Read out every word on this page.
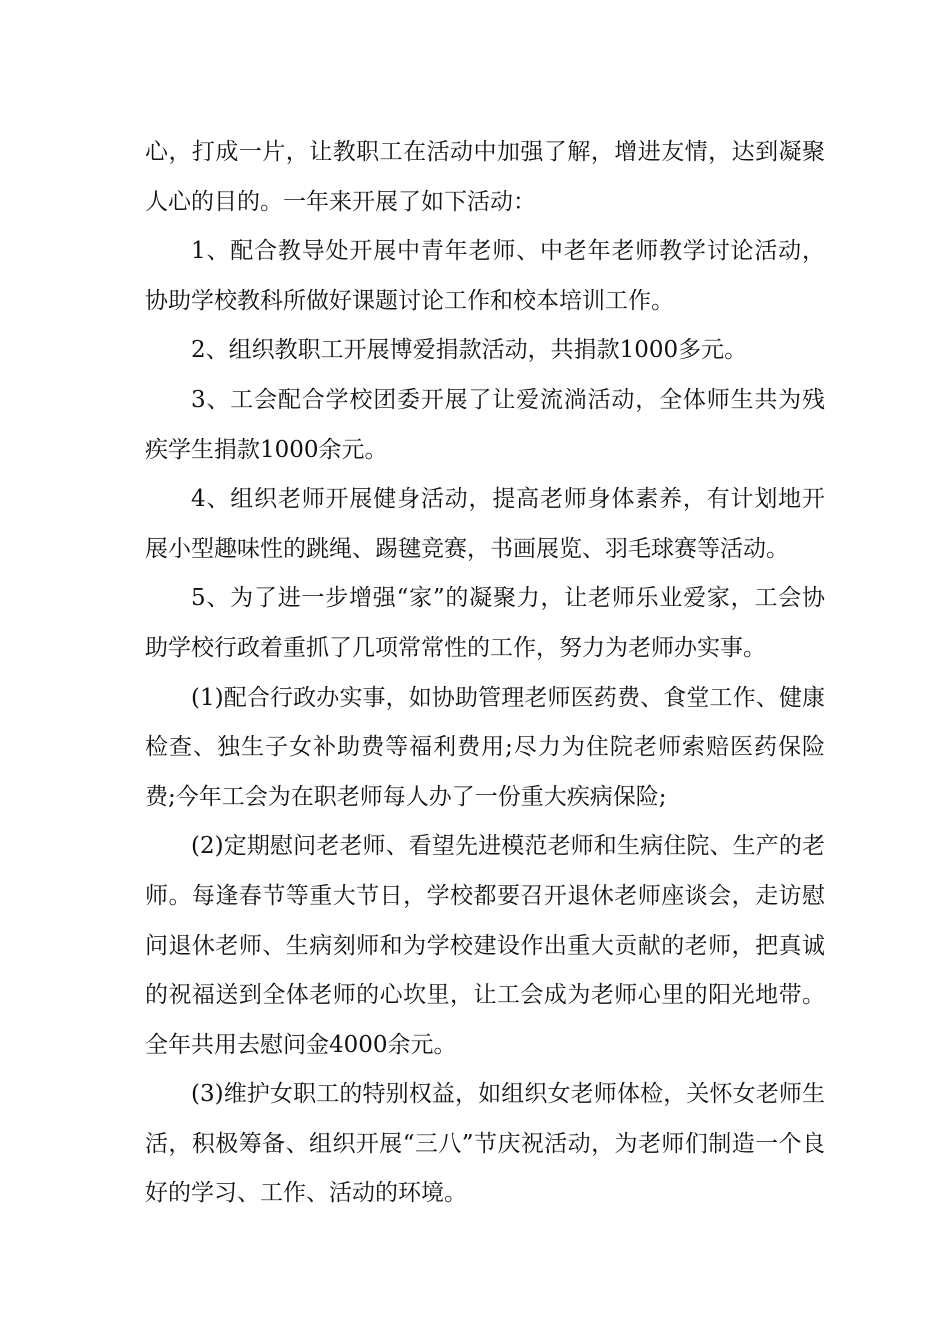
心，打成一片，让教职工在活动中加强了解，增进友情，达到凝聚人心的目的。一年来开展了如下活动：

1、配合教导处开展中青年老师、中老年老师教学讨论活动，协助学校教科所做好课题讨论工作和校本培训工作。

2、组织教职工开展博爱捐款活动，共捐款1000多元。

3、工会配合学校团委开展了让爱流淌活动，全体师生共为残疾学生捐款1000余元。

4、组织老师开展健身活动，提高老师身体素养，有计划地开展小型趣味性的跳绳、踢毽竞赛，书画展览、羽毛球赛等活动。

5、为了进一步增强“家”的凝聚力，让老师乐业爱家，工会协助学校行政着重抓了几项常常性的工作，努力为老师办实事。

(1)配合行政办实事，如协助管理老师医药费、食堂工作、健康检查、独生子女补助费等福利费用;尽力为住院老师索赔医药保险费;今年工会为在职老师每人办了一份重大疾病保险;

(2)定期慰问老老师、看望先进模范老师和生病住院、生产的老师。每逢春节等重大节日，学校都要召开退休老师座谈会，走访慰问退休老师、生病刻师和为学校建设作出重大贡献的老师，把真诚的祝福送到全体老师的心坎里，让工会成为老师心里的阳光地带。全年共用去慰问金4000余元。

(3)维护女职工的特别权益，如组织女老师体检，关怀女老师生活，积极筹备、组织开展“三八”节庆祝活动，为老师们制造一个良好的学习、工作、活动的环境。
